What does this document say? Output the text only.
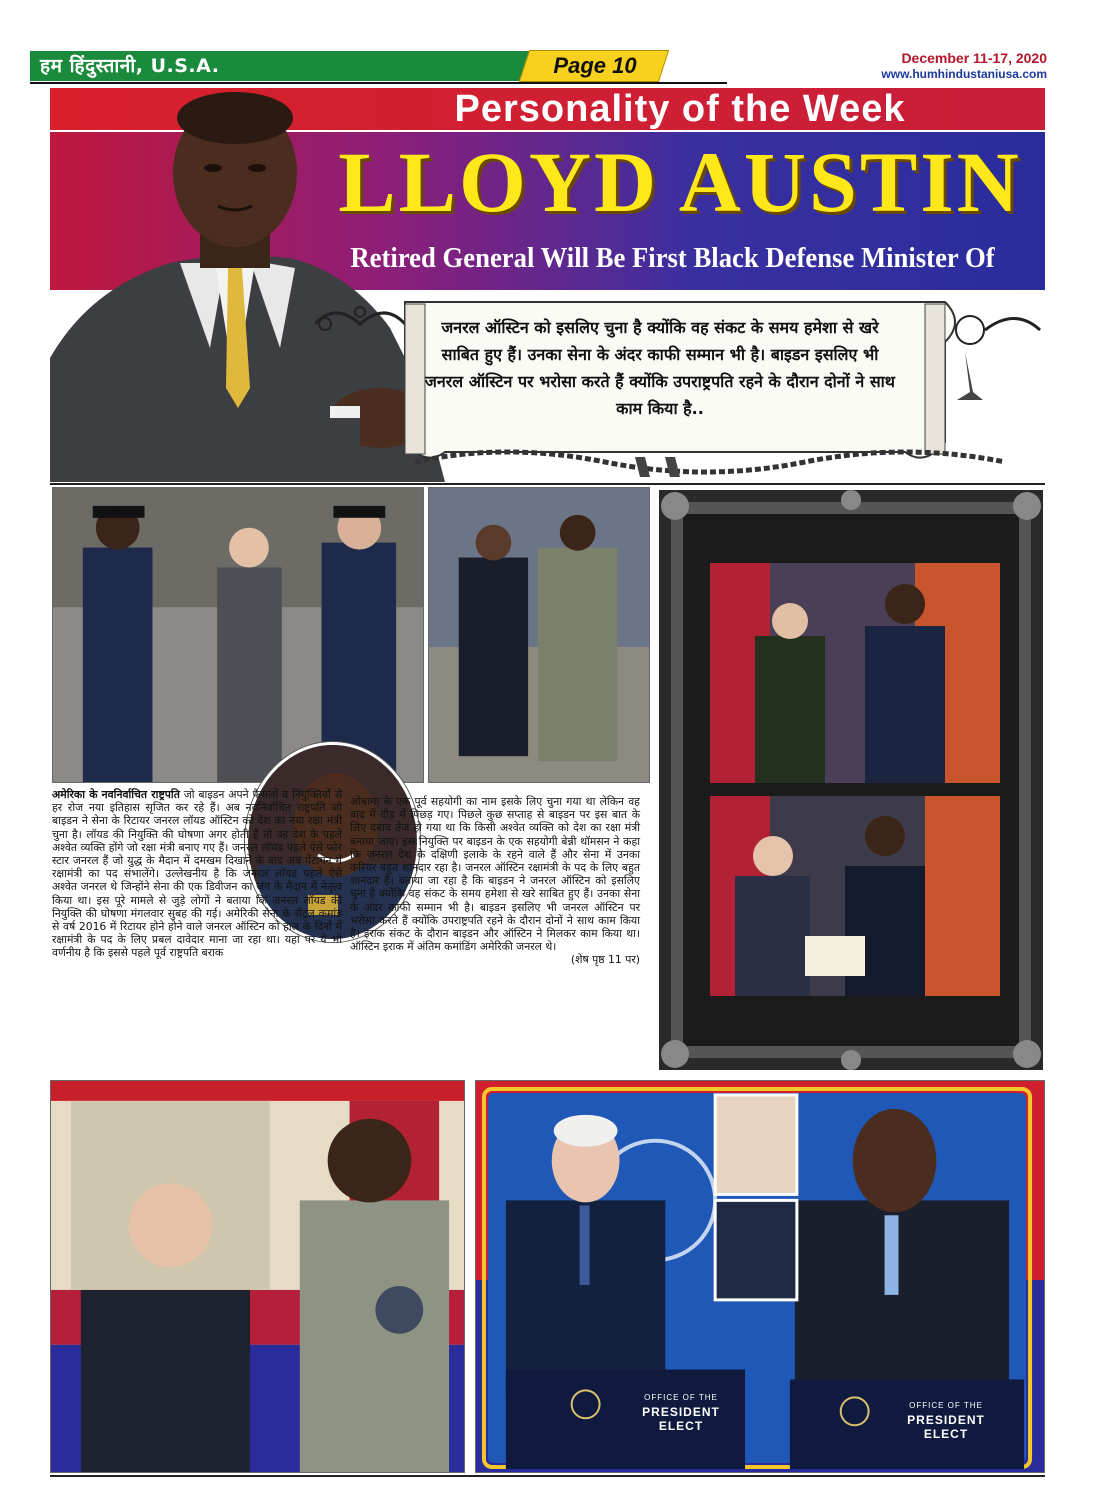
हम हिंदुस्तानी, U.S.A.	Page 10	December 11-17, 2020
www.humhindustaniusa.com
Personality of the Week
LLOYD AUSTIN
Retired General Will Be First Black Defense Minister Of
जनरल ऑस्टिन को इसलिए चुना है क्योंकि वह संकट के समय हमेशा से खरे साबित हुए हैं। उनका सेना के अंदर काफी सम्मान भी है। बाइडन इसलिए भी जनरल ऑस्टिन पर भरोसा करते हैं क्योंकि उपराष्ट्रपति रहने के दौरान दोनों ने साथ काम किया है..
अमेरिका के नवनिर्वाचित राष्ट्रपति जो बाइडन अपने फैसलों व नियुक्तियों से हर रोज नया इतिहास सृजित कर रहे हैं। अब नवनिर्वाचित राष्ट्रपति जो बाइडन ने सेना के रिटायर जनरल लॉयड ऑस्टिन को देश का नया रक्षा मंत्री चुना है। लॉयड की नियुक्ति की घोषणा अगर होती है तो वह देश के पहले अश्वेत व्यक्ति होंगे जो रक्षा मंत्री बनाए गए हैं। जनरल लॉयड पहले ऐसे फोर स्टार जनरल हैं जो युद्ध के मैदान में दमखम दिखाने के बाद अब पेंटागन में रक्षामंत्री का पद संभालेंगे। उल्लेखनीय है कि जनरल लॉयड पहले ऐसे अश्वेत जनरल थे जिन्होंने सेना की एक डिवीजन का जंग के मैदान में नेतृत्व किया था। इस पूरे मामले से जुड़े लोगों ने बताया कि जनरल लॉयड की नियुक्ति की घोषणा मंगलवार सुबह की गई। अमेरिकी सेना के सैंट्रल कमांड से वर्ष 2016 में रिटायर होने होने वाले जनरल ऑस्टिन को हाल के दिनों में रक्षामंत्री के पद के लिए प्रबल दावेदार माना जा रहा था। यहां पर ये भी वर्णनीय है कि इससे पहले पूर्व राष्ट्रपति बराक
ओबामा के एक पूर्व सहयोगी का नाम इसके लिए चुना गया था लेकिन वह बाद में दौड़ में पिछड़ गए। पिछले कुछ सप्ताह से बाइडन पर इस बात के लिए दबाव तेज हो गया था कि किसी अश्वेत व्यक्ति को देश का रक्षा मंत्री बनाया जाए। इस नियुक्ति पर बाइडन के एक सहयोगी बेन्नी थॉमसन ने कहा कि जनरल देश के दक्षिणी इलाके के रहने वाले हैं और सेना में उनका करियर बहुत शानदार रहा है। जनरल ऑस्टिन रक्षामंत्री के पद के लिए बहुत शानदार हैं। बताया जा रहा है कि बाइडन ने जनरल ऑस्टिन को इसलिए चुना है क्योंकि वह संकट के समय हमेशा से खरे साबित हुए हैं। उनका सेना के अंदर काफी सम्मान भी है। बाइडन इसलिए भी जनरल ऑस्टिन पर भरोसा करते हैं क्योंकि उपराष्ट्रपति रहने के दौरान दोनों ने साथ काम किया है। इराक संकट के दौरान बाइडन और ऑस्टिन ने मिलकर काम किया था। ऑस्टिन इराक में अंतिम कमांडिंग अमेरिकी जनरल थे।
(शेष पृष्ठ 11 पर)
OFFICE OF THE
PRESIDENT ELECT
OFFICE OF THE
PRESIDENT ELECT
